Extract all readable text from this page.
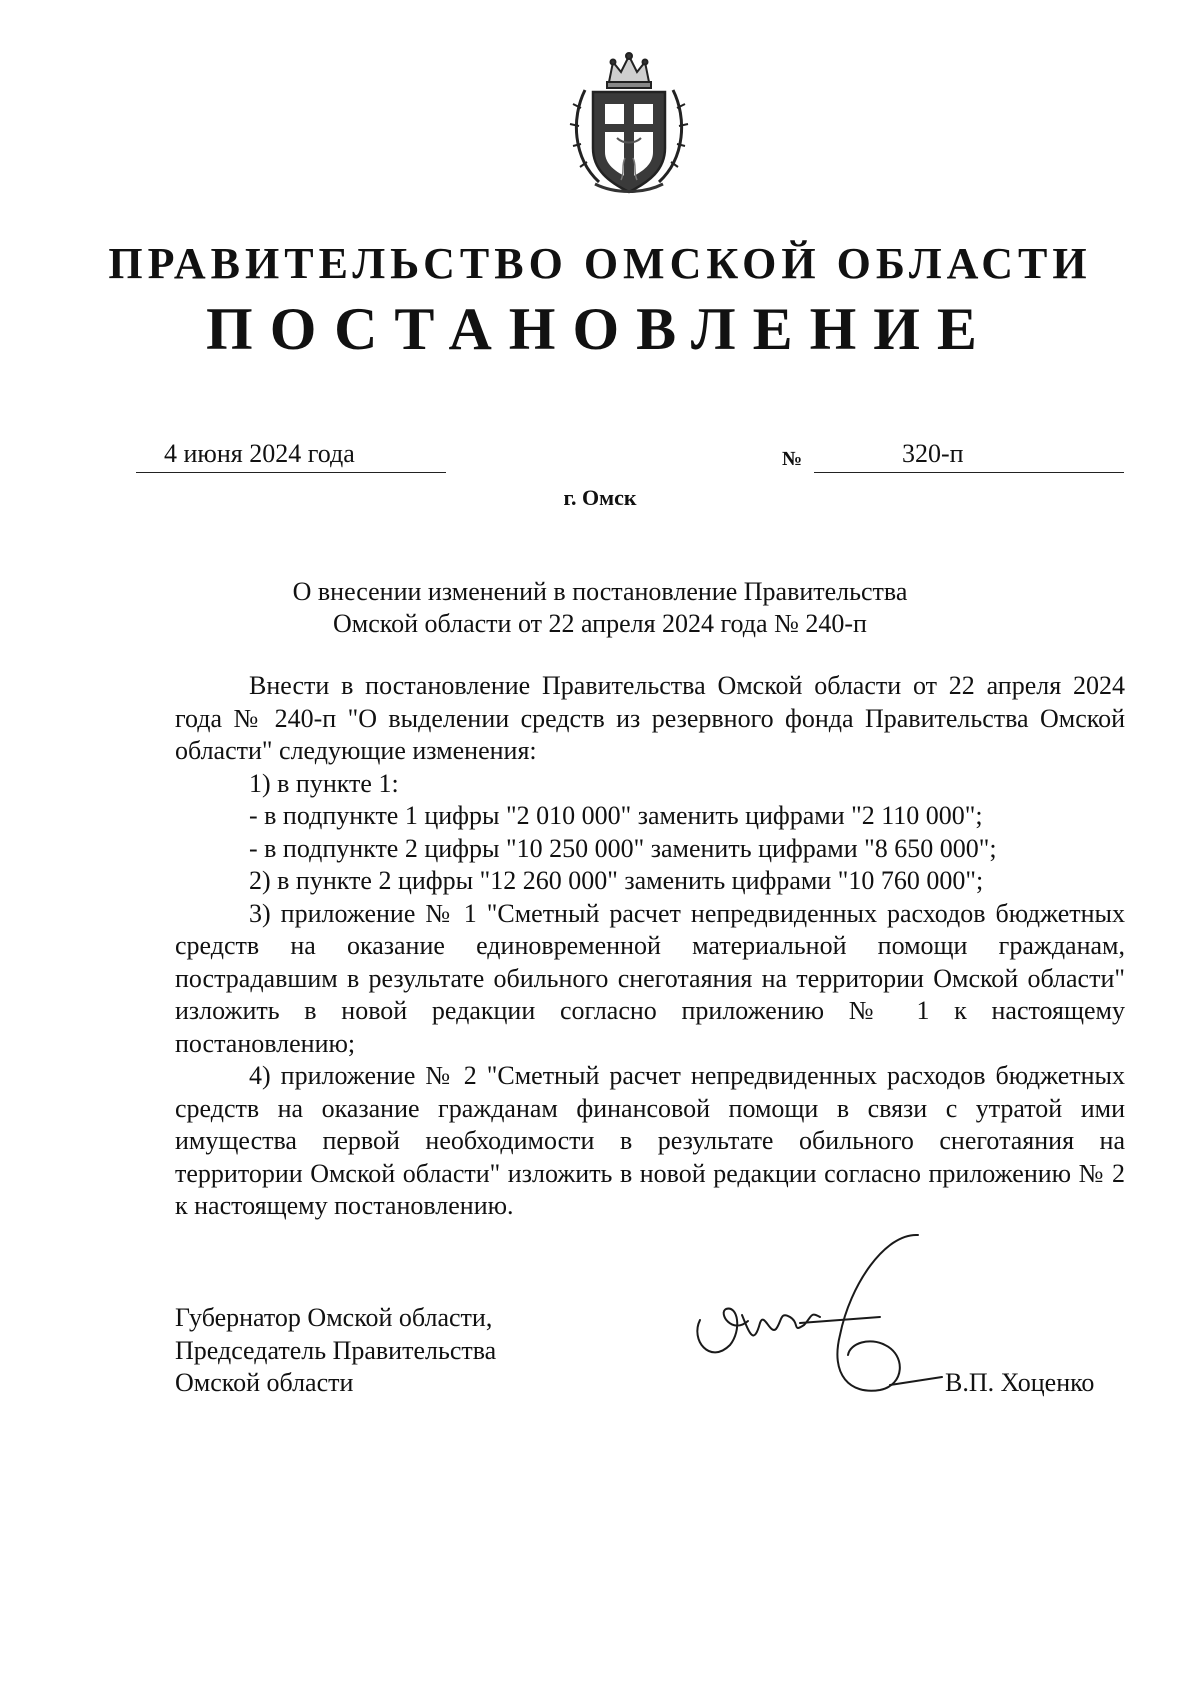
ПРАВИТЕЛЬСТВО ОМСКОЙ ОБЛАСТИ
ПОСТАНОВЛЕНИЕ
4 июня 2024 года	№	320-п
г. Омск
О внесении изменений в постановление Правительства
Омской области от 22 апреля 2024 года № 240-п

Внести в постановление Правительства Омской области от 22 апреля 2024 года № 240-п "О выделении средств из резервного фонда Правительства Омской области" следующие изменения:

1) в пункте 1:

- в подпункте 1 цифры "2 010 000" заменить цифрами "2 110 000";

- в подпункте 2 цифры "10 250 000" заменить цифрами "8 650 000";

2) в пункте 2 цифры "12 260 000" заменить цифрами "10 760 000";

3) приложение № 1 "Сметный расчет непредвиденных расходов бюджетных средств на оказание единовременной материальной помощи гражданам, пострадавшим в результате обильного снеготаяния на территории Омской области" изложить в новой редакции согласно приложению № 1 к настоящему постановлению;

4) приложение № 2 "Сметный расчет непредвиденных расходов бюджетных средств на оказание гражданам финансовой помощи в связи с утратой ими имущества первой необходимости в результате обильного снеготаяния на территории Омской области" изложить в новой редакции согласно приложению № 2 к настоящему постановлению.

Губернатор Омской области,
Председатель Правительства
Омской области	В.П. Хоценко
